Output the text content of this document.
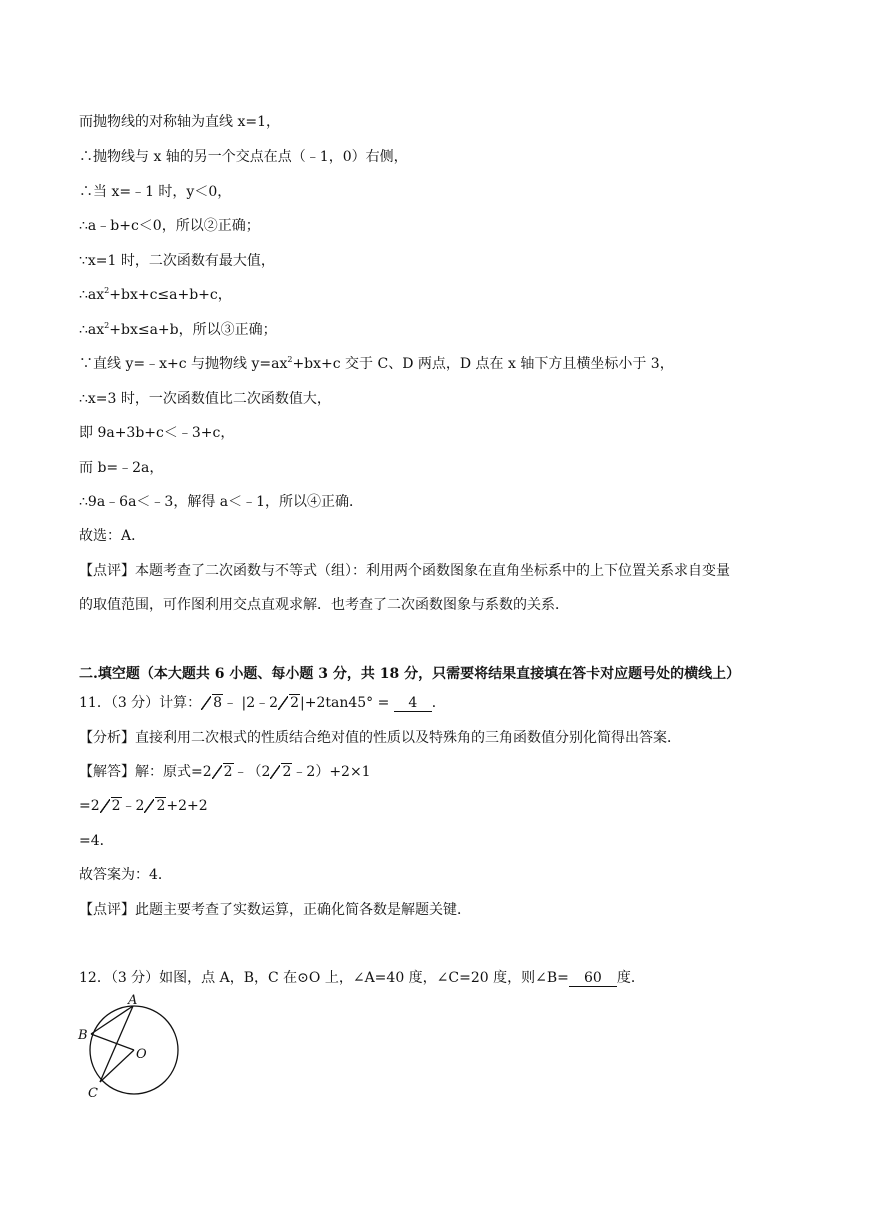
而抛物线的对称轴为直线 x=1，
∴抛物线与 x 轴的另一个交点在点（﹣1，0）右侧，
∴当 x=﹣1 时，y＜0，
∴a﹣b+c＜0，所以②正确；
∵x=1 时，二次函数有最大值，
$\therefore ax^2+bx+c\le a+b+c$，
$\therefore ax^2+bx\le a+b$，所以③正确；
∵直线 y=﹣x+c 与抛物线 $y=ax^2+bx+c$ 交于 C、D 两点，D 点在 x 轴下方且横坐标小于 3，
∴x=3 时，一次函数值比二次函数值大，
即 9a+3b+c＜﹣3+c，
而 b=﹣2a，
∴9a﹣6a＜﹣3，解得 a＜﹣1，所以④正确．
故选：A．
【点评】本题考查了二次函数与不等式（组）：利用两个函数图象在直角坐标系中的上下位置关系求自变量
的取值范围，可作图利用交点直观求解．也考查了二次函数图象与系数的关系．
二.填空题（本大题共 6 小题、每小题 3 分，共 18 分，只需要将结果直接填在答卡对应题号处的横线上）
11．（3 分）计算： 8﹣ |2﹣2 2|+2tan45° = 4 ．
【分析】直接利用二次根式的性质结合绝对值的性质以及特殊角的三角函数值分别化简得出答案．
【解答】解：原式=2 2﹣（2 2﹣2）+2×1
=2 2﹣2 2+2+2
=4．
故答案为：4．
【点评】此题主要考查了实数运算，正确化简各数是解题关键．
12．（3 分）如图，点 A，B，C 在⊙O 上，∠A=40 度，∠C=20 度，则∠B= 60 度．
A
B
C
O
